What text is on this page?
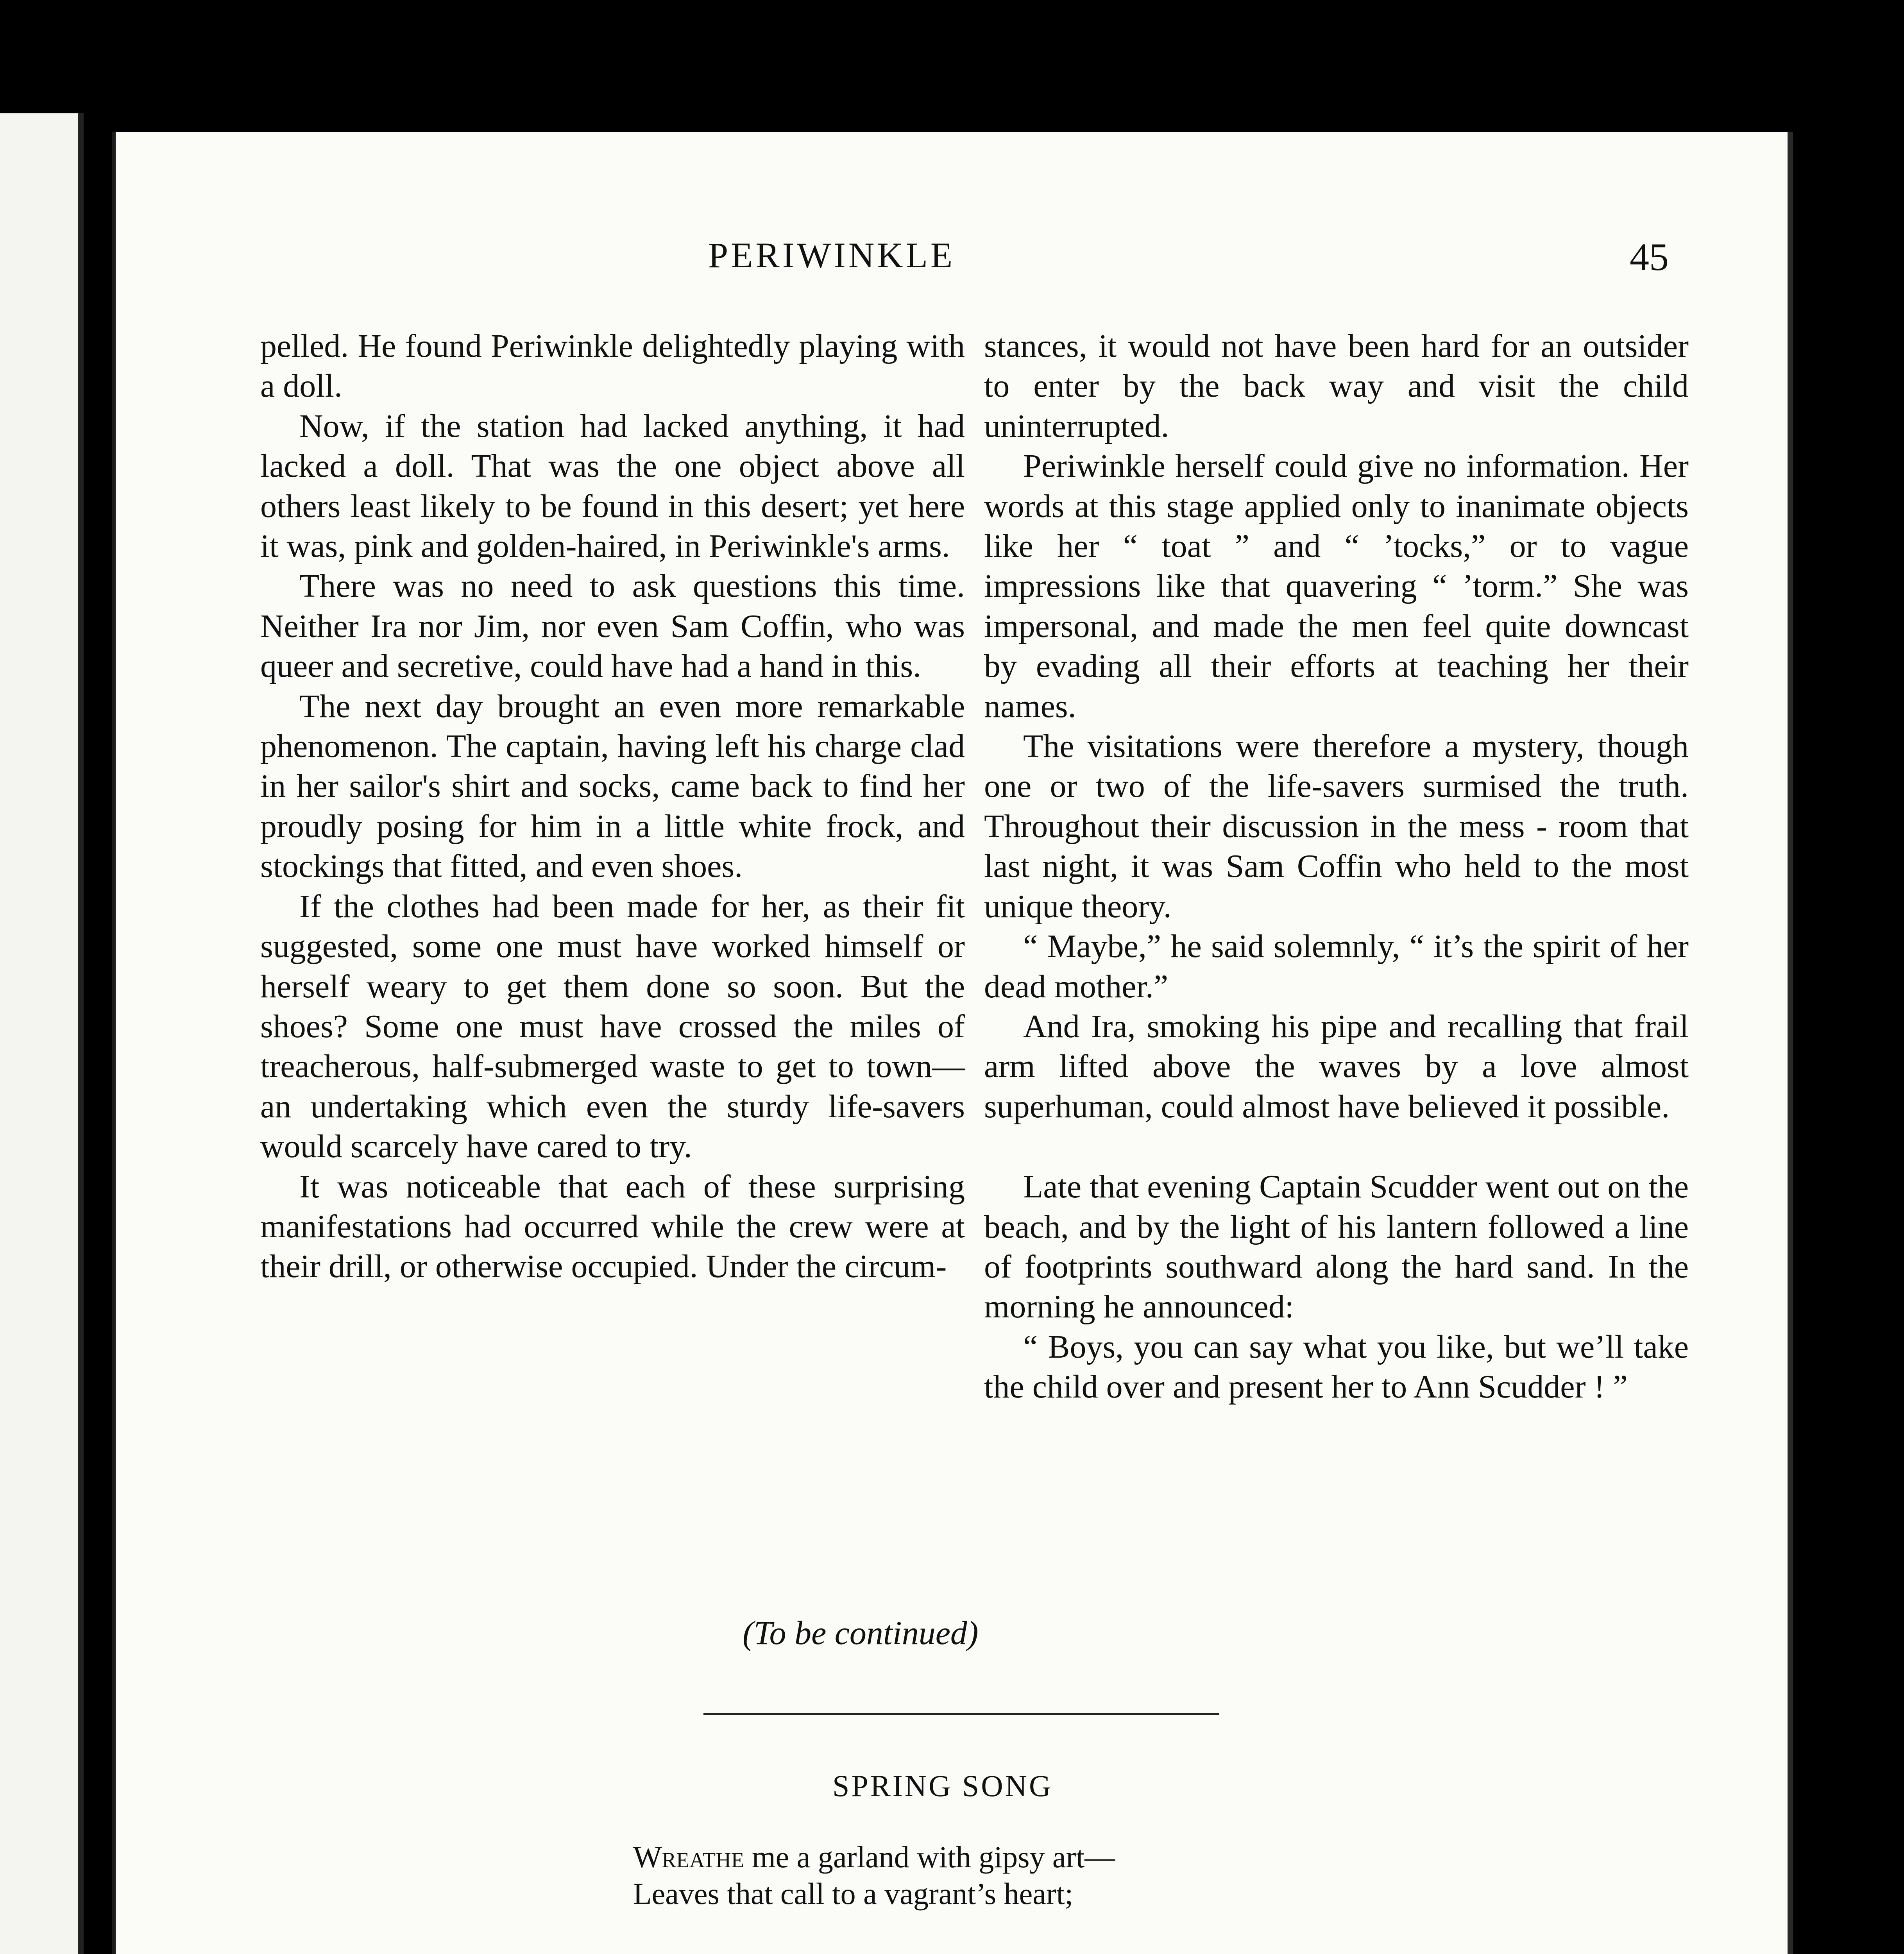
PERIWINKLE	45

pelled. He found Periwinkle delightedly playing with a doll.

Now, if the station had lacked anything, it had lacked a doll. That was the one object above all others least likely to be found in this desert; yet here it was, pink and golden-haired, in Periwinkle's arms.

There was no need to ask questions this time. Neither Ira nor Jim, nor even Sam Coffin, who was queer and secretive, could have had a hand in this.

The next day brought an even more remarkable phenomenon. The captain, having left his charge clad in her sailor's shirt and socks, came back to find her proudly posing for him in a little white frock, and stockings that fitted, and even shoes.

If the clothes had been made for her, as their fit suggested, some one must have worked himself or herself weary to get them done so soon. But the shoes? Some one must have crossed the miles of treacherous, half-submerged waste to get to town—an undertaking which even the sturdy life-savers would scarcely have cared to try.

It was noticeable that each of these surprising manifestations had occurred while the crew were at their drill, or otherwise occupied. Under the circum-

stances, it would not have been hard for an outsider to enter by the back way and visit the child uninterrupted.

Periwinkle herself could give no information. Her words at this stage applied only to inanimate objects like her “ toat ” and “ ’tocks,” or to vague impressions like that quavering “ ’torm.” She was impersonal, and made the men feel quite downcast by evading all their efforts at teaching her their names.

The visitations were therefore a mystery, though one or two of the life-savers surmised the truth. Throughout their discussion in the mess - room that last night, it was Sam Coffin who held to the most unique theory.

“ Maybe,” he said solemnly, “ it’s the spirit of her dead mother.”

And Ira, smoking his pipe and recalling that frail arm lifted above the waves by a love almost superhuman, could almost have believed it possible.

Late that evening Captain Scudder went out on the beach, and by the light of his lantern followed a line of footprints southward along the hard sand. In the morning he announced:

“ Boys, you can say what you like, but we’ll take the child over and present her to Ann Scudder ! ”

(To be continued)
SPRING SONG
Wreathe me a garland with gipsy art—
Leaves that call to a vagrant’s heart;
